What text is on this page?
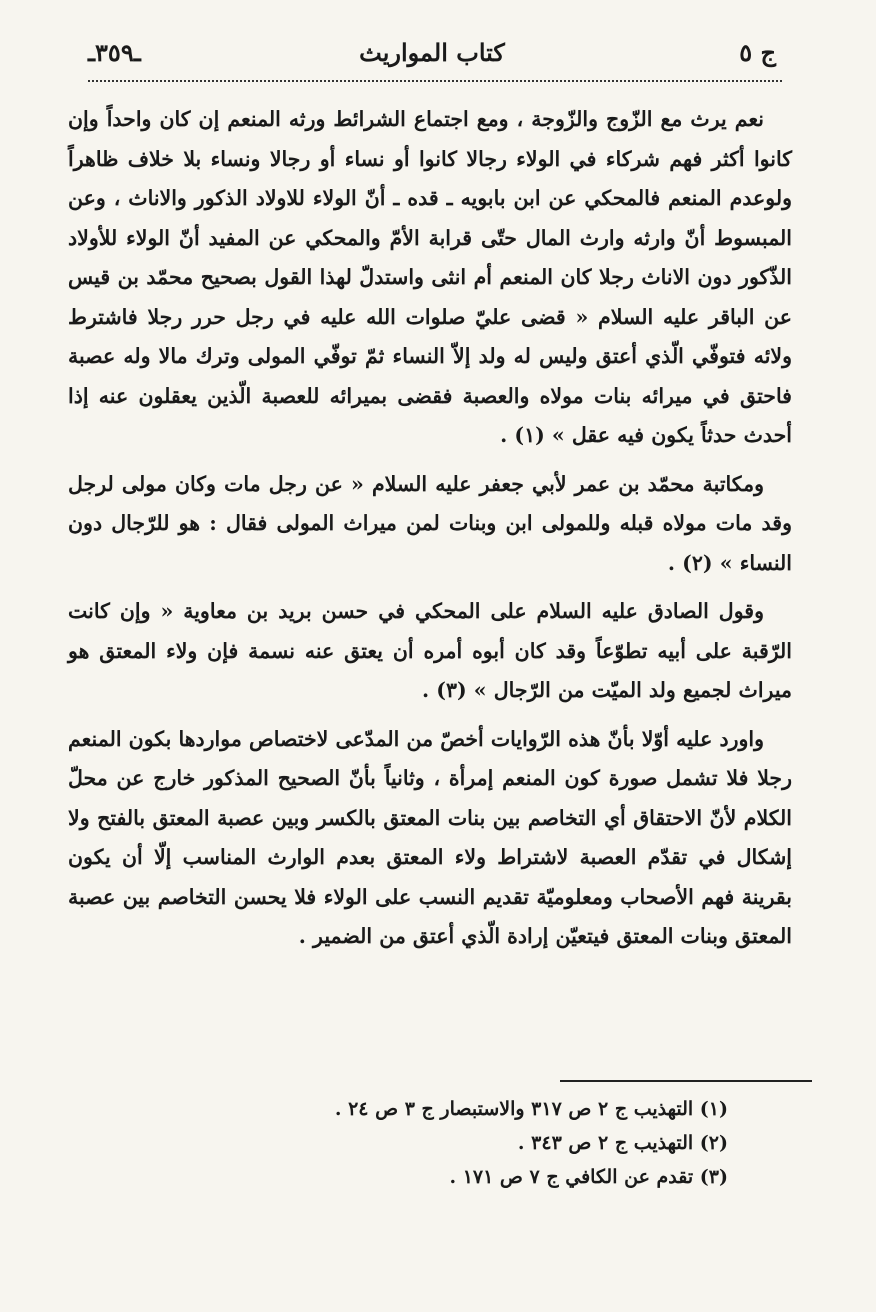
ج ٥
كتاب المواريث
ـ٣٥٩ـ

نعم يرث مع الزّوج والزّوجة ، ومع اجتماع الشرائط ورثه المنعم إن كان واحداً وإن كانوا أكثر فهم شركاء في الولاء رجالا كانوا أو نساء أو رجالا ونساء بلا خلاف ظاهراً ولوعدم المنعم فالمحكي عن ابن بابويه ـ قده ـ أنّ الولاء للاولاد الذكور والاناث ، وعن المبسوط أنّ وارثه وارث المال حتّى قرابة الأمّ والمحكي عن المفيد أنّ الولاء للأولاد الذّكور دون الاناث رجلا كان المنعم أم انثى واستدلّ لهذا القول بصحيح محمّد بن قيس عن الباقر عليه السلام « قضى عليّ صلوات الله عليه في رجل حرر رجلا فاشترط ولائه فتوفّي الّذي أعتق وليس له ولد إلاّ النساء ثمّ توفّي المولى وترك مالا وله عصبة فاحتق في ميرائه بنات مولاه والعصبة فقضى بميرائه للعصبة الّذين يعقلون عنه إذا أحدث حدثاً يكون فيه عقل » (١) .

ومكاتبة محمّد بن عمر لأبي جعفر عليه السلام « عن رجل مات وكان مولى لرجل وقد مات مولاه قبله وللمولى ابن وبنات لمن ميراث المولى فقال : هو للرّجال دون النساء » (٢) .

وقول الصادق عليه السلام على المحكي في حسن بريد بن معاوية « وإن كانت الرّقبة على أبيه تطوّعاً وقد كان أبوه أمره أن يعتق عنه نسمة فإن ولاء المعتق هو ميراث لجميع ولد الميّت من الرّجال » (٣) .

واورد عليه أوّلا بأنّ هذه الرّوايات أخصّ من المدّعى لاختصاص مواردها بكون المنعم رجلا فلا تشمل صورة كون المنعم إمرأة ، وثانياً بأنّ الصحيح المذكور خارج عن محلّ الكلام لأنّ الاحتقاق أي التخاصم بين بنات المعتق بالكسر وبين عصبة المعتق بالفتح ولا إشكال في تقدّم العصبة لاشتراط ولاء المعتق بعدم الوارث المناسب إلّا أن يكون بقرينة فهم الأصحاب ومعلوميّة تقديم النسب على الولاء فلا يحسن التخاصم بين عصبة المعتق وبنات المعتق فيتعيّن إرادة الّذي أعتق من الضمير .

(١) التهذيب ج ٢ ص ٣١٧ والاستبصار ج ٣ ص ٢٤ .
(٢) التهذيب ج ٢ ص ٣٤٣ .
(٣) تقدم عن الكافي ج ٧ ص ١٧١ .
